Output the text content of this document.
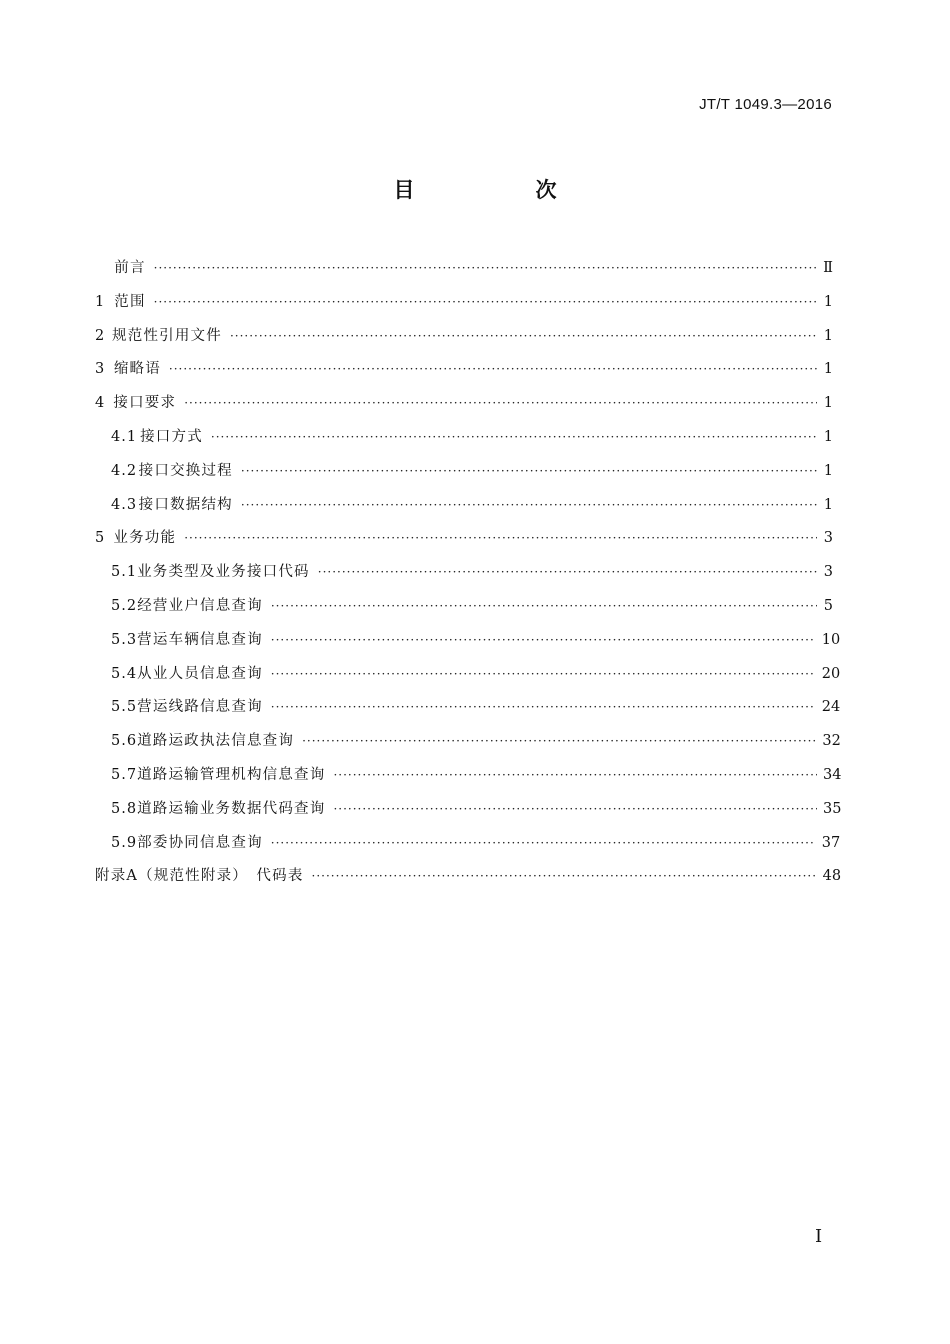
JT/T 1049.3—2016
目　次
前言 ·····	Ⅱ
1 范围 ·····	1
2 规范性引用文件 ·····	1
3 缩略语 ·····	1
4 接口要求 ·····	1
4.1 接口方式 ·····	1
4.2 接口交换过程 ·····	1
4.3 接口数据结构 ·····	1
5 业务功能 ·····	3
5.1 业务类型及业务接口代码 ·····	3
5.2 经营业户信息查询 ·····	5
5.3 营运车辆信息查询 ·····	10
5.4 从业人员信息查询 ·····	20
5.5 营运线路信息查询 ·····	24
5.6 道路运政执法信息查询 ·····	32
5.7 道路运输管理机构信息查询 ·····	34
5.8 道路运输业务数据代码查询 ·····	35
5.9 部委协同信息查询 ·····	37
附录A（规范性附录）　代码表 ·····	48
I
